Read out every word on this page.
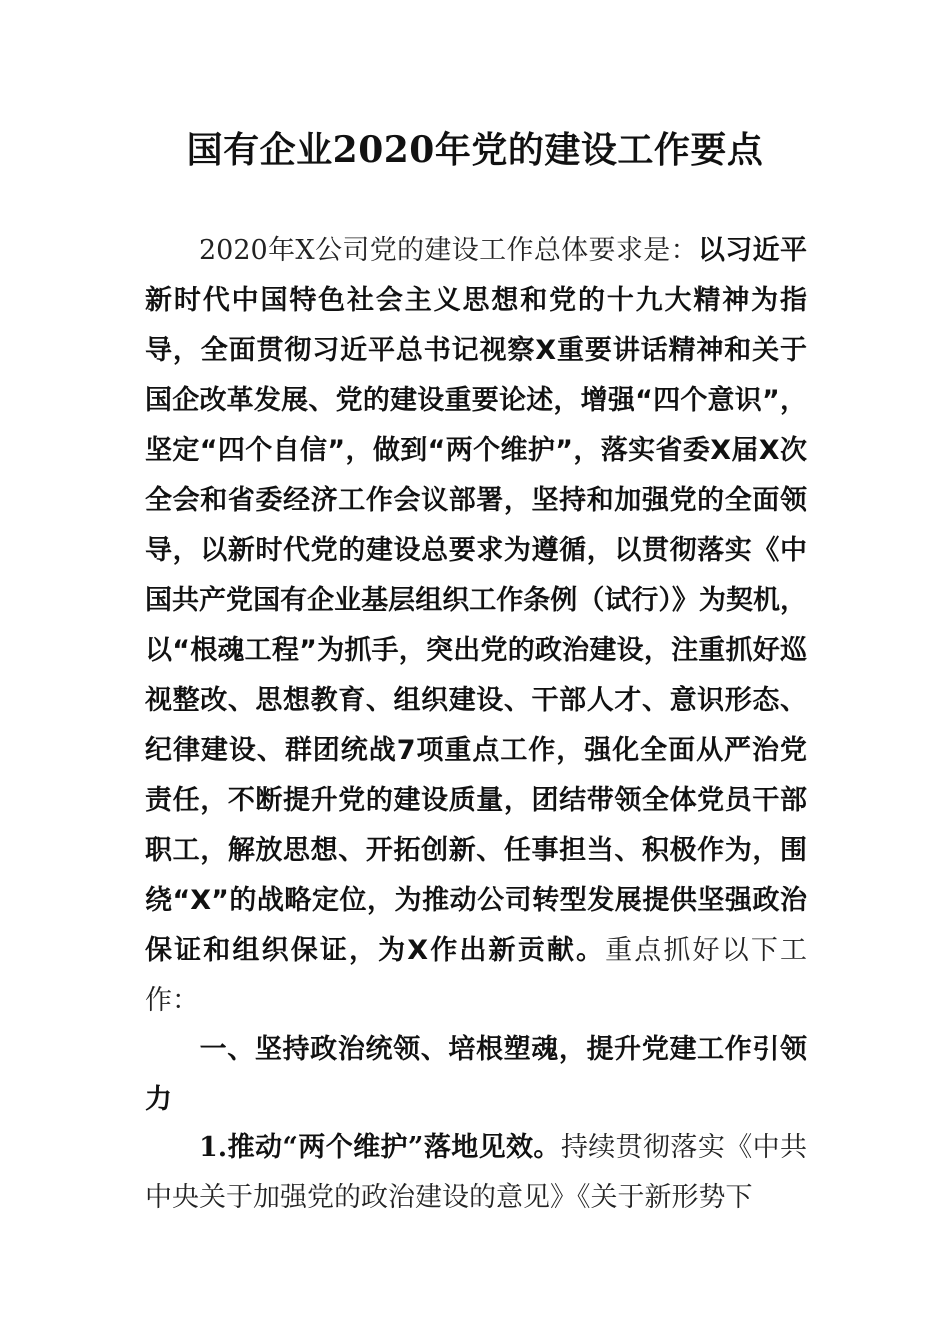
国有企业2020年党的建设工作要点

2020年X公司党的建设工作总体要求是：以习近平新时代中国特色社会主义思想和党的十九大精神为指导，全面贯彻习近平总书记视察X重要讲话精神和关于国企改革发展、党的建设重要论述，增强“四个意识”，坚定“四个自信”，做到“两个维护”，落实省委X届X次全会和省委经济工作会议部署，坚持和加强党的全面领导，以新时代党的建设总要求为遵循，以贯彻落实《中国共产党国有企业基层组织工作条例（试行）》为契机，以“根魂工程”为抓手，突出党的政治建设，注重抓好巡视整改、思想教育、组织建设、干部人才、意识形态、纪律建设、群团统战7项重点工作，强化全面从严治党责任，不断提升党的建设质量，团结带领全体党员干部职工，解放思想、开拓创新、任事担当、积极作为，围绕“X”的战略定位，为推动公司转型发展提供坚强政治保证和组织保证，为X作出新贡献。重点抓好以下工作：

一、坚持政治统领、培根塑魂，提升党建工作引领力

1.推动“两个维护”落地见效。持续贯彻落实《中共中央关于加强党的政治建设的意见》《关于新形势下
